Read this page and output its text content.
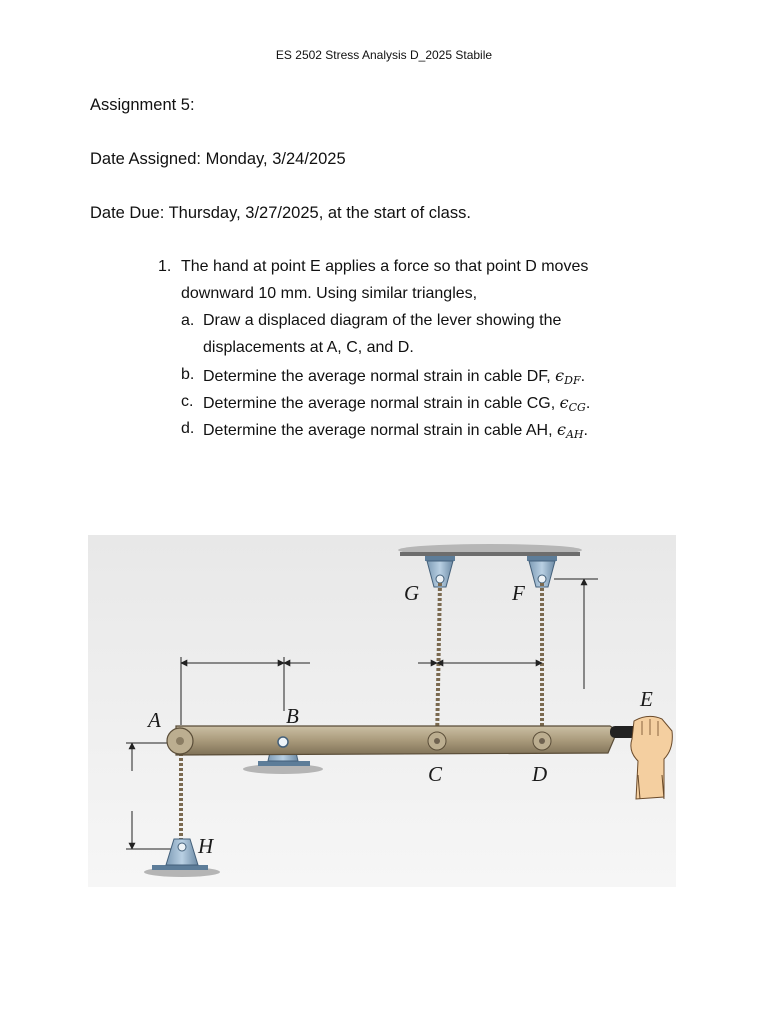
ES 2502 Stress Analysis D_2025 Stabile
Assignment 5:
Date Assigned: Monday, 3/24/2025
Date Due: Thursday, 3/27/2025, at the start of class.
1. The hand at point E applies a force so that point D moves
downward 10 mm. Using similar triangles,
a. Draw a displaced diagram of the lever showing the
displacements at A, C, and D.
b. Determine the average normal strain in cable DF, $\epsilon_{DF}$.
c. Determine the average normal strain in cable CG, $\epsilon_{CG}$.
d. Determine the average normal strain in cable AH, $\epsilon_{AH}$.
A	B
C	D
E
F
G
H
